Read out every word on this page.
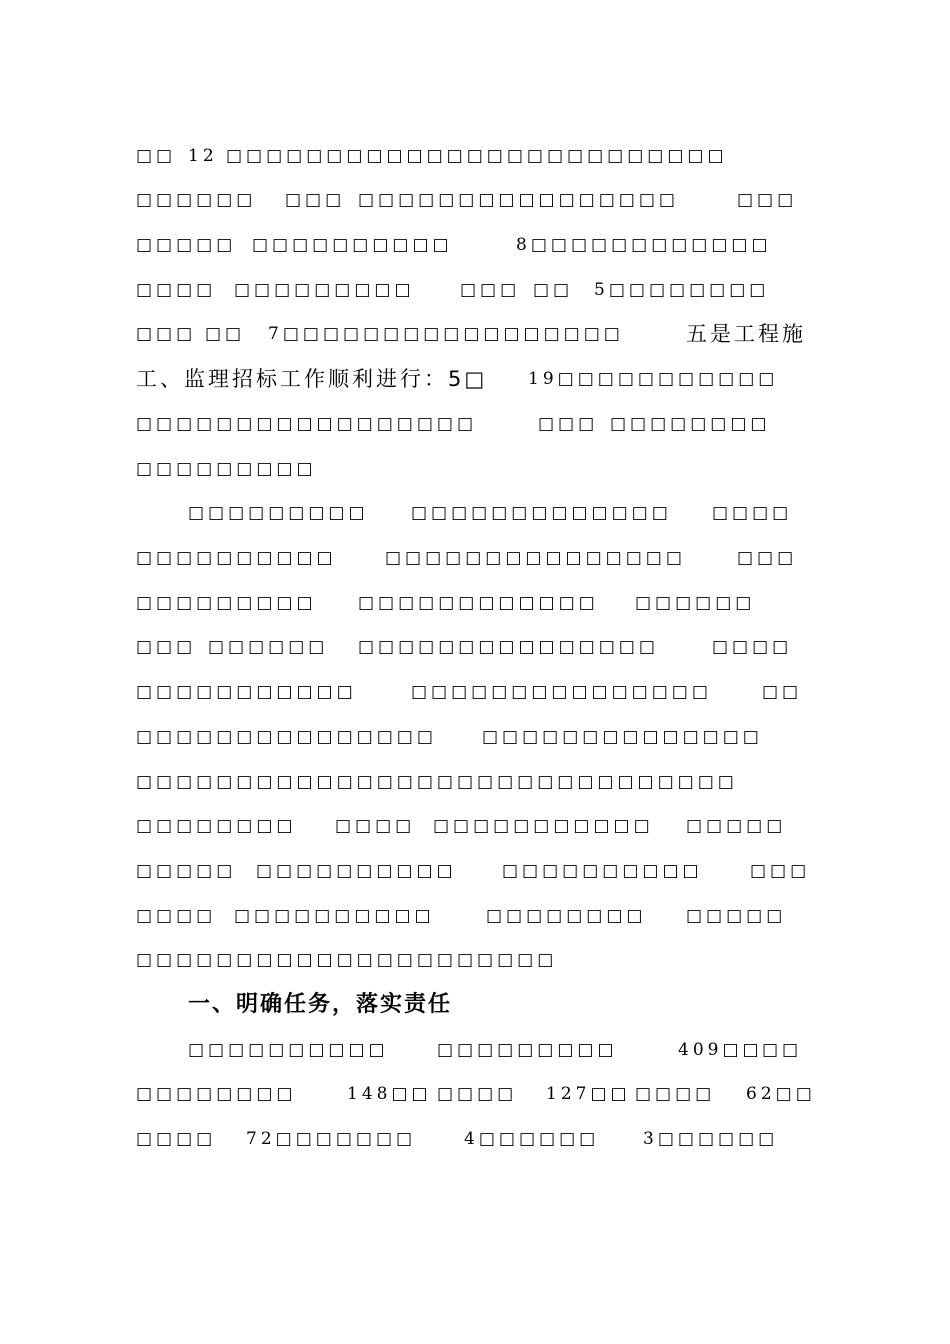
□□ 12 □□□□□□□□□□□□□□□□□□□□□□□□□
□□□□□□ □□□ □□□□□□□□□□□□□□□□	□□□
□□□□□ □□□□□□□□□□	8□□□□□□□□□□□□
□□□□ □□□□□□□□□	□□□ □□ 5□□□□□□□□
□□□ □□ 7□□□□□□□□□□□□□□□□□	五是工程施
工、监理招标工作顺利进行：5□ 19□□□□□□□□□□□
□□□□□□□□□□□□□□□□□	□□□ □□□□□□□□
□□□□□□□□□
□□□□□□□□□ □□□□□□□□□□□□□ □□□□
□□□□□□□□□□	□□□□□□□□□□□□□□□	□□□
□□□□□□□□□ □□□□□□□□□□□□ □□□□□□
□□□ □□□□□□ □□□□□□□□□□□□□□□	□□□□
□□□□□□□□□□□	□□□□□□□□□□□□□□□	□□
□□□□□□□□□□□□□□□	□□□□□□□□□□□□□□
□□□□□□□□□□□□□□□□□□□□□□□□□□□□□□
□□□□□□□□ □□□□ □□□□□□□□□□□ □□□□□
□□□□□ □□□□□□□□□□	□□□□□□□□□□	□□□
□□□□ □□□□□□□□□□	□□□□□□□□ □□□□□
□□□□□□□□□□□□□□□□□□□□□
一、明确任务，落实责任
□□□□□□□□□□	□□□□□□□□□	409□□ □□
□□□□□□□□	148□□ □□□□ 127□□ □□□□ 62□□
□□□□ 72□□□□□□□	4□□□□□□	3□□□□□□
